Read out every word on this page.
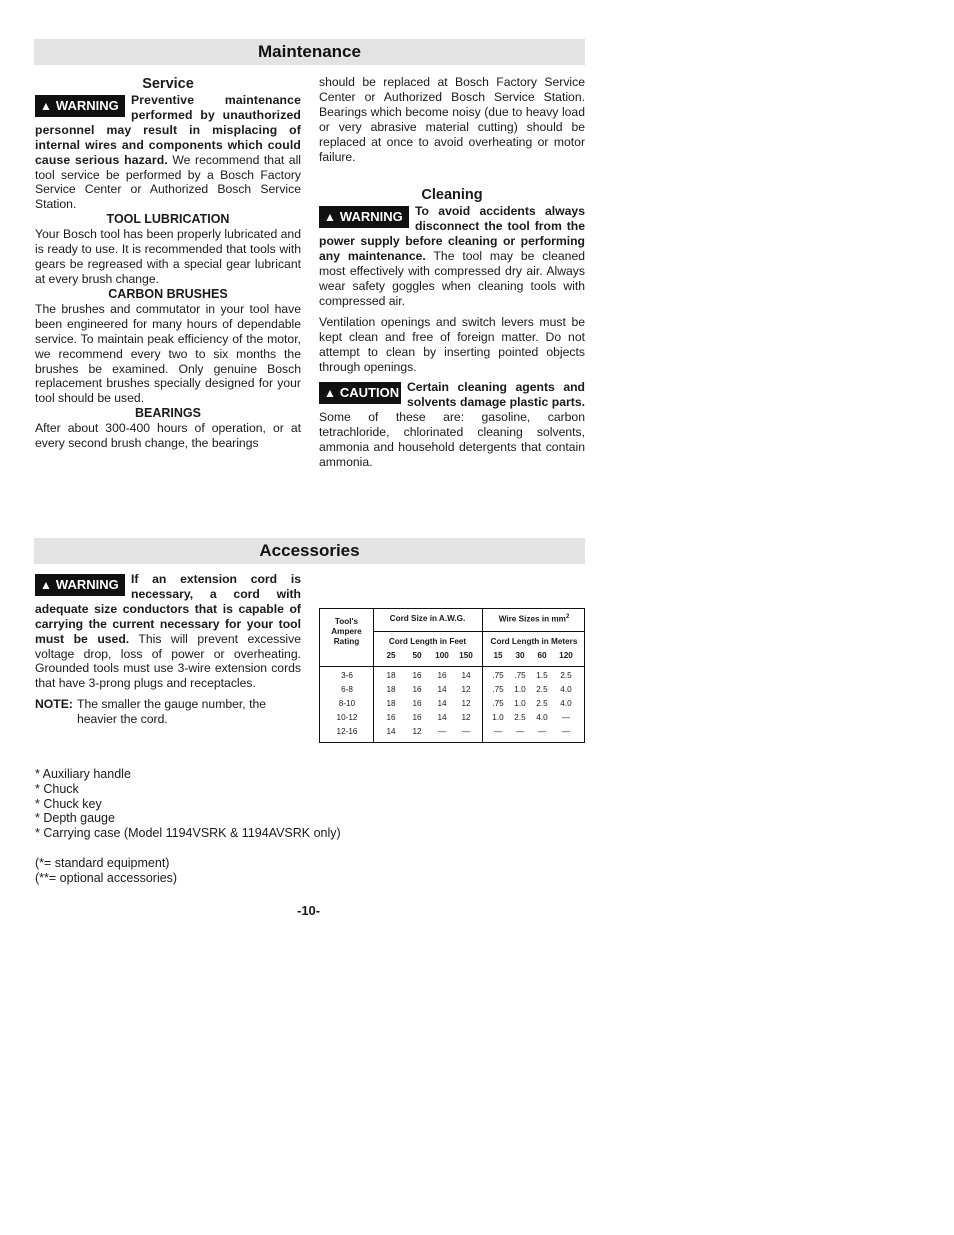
Maintenance

Service

▲ WARNING	Preventive maintenance performed by unauthorized personnel may result in misplacing of internal wires and components which could cause serious hazard. We recommend that all tool service be performed by a Bosch Factory Service Center or Authorized Bosch Service Station.

TOOL LUBRICATION

Your Bosch tool has been properly lubricated and is ready to use. It is recommended that tools with gears be regreased with a special gear lubricant at every brush change.

CARBON BRUSHES

The brushes and commutator in your tool have been engineered for many hours of dependable service. To maintain peak efficiency of the motor, we recommend every two to six months the brushes be examined. Only genuine Bosch replacement brushes specially designed for your tool should be used.

BEARINGS

After about 300-400 hours of operation, or at every second brush change, the bearings

should be replaced at Bosch Factory Service Center or Authorized Bosch Service Station. Bearings which become noisy (due to heavy load or very abrasive material cutting) should be replaced at once to avoid overheating or motor failure.

Cleaning

▲ WARNING	To avoid accidents always disconnect the tool from the power supply before cleaning or performing any maintenance. The tool may be cleaned most effectively with compressed dry air. Always wear safety goggles when cleaning tools with compressed air.

Ventilation openings and switch levers must be kept clean and free of foreign matter. Do not attempt to clean by inserting pointed objects through openings.

▲ CAUTION Certain cleaning agents and solvents damage plastic parts. Some of these are: gasoline, carbon tetrachloride, chlorinated cleaning solvents, ammonia and household detergents that contain ammonia.

Accessories

▲ WARNING	If an extension cord is necessary, a cord with adequate size conductors that is capable of carrying the current necessary for your tool must be used. This will prevent excessive voltage drop, loss of power or overheating. Grounded tools must use 3-wire extension cords that have 3-prong plugs and receptacles.

NOTE: The smaller the gauge number, the heavier the cord.
Tool's
Ampere
Rating
Cord Size in A.W.G.	Wire Sizes in $mm^2$
Cord Length in Feet	Cord Length in Meters
25	50	100	150	15	30	60	120
3-6	18	16	16	14	.75	.75	1.5	2.5
6-8	18	16	14	12	.75	1.0	2.5	4.0
8-10	18	16	14	12	.75	1.0	2.5	4.0
10-12	16	16	14	12	1.0	2.5	4.0	—
12-16	14	12	—	—	—	—	—	—
* Auxiliary handle
* Chuck
* Chuck key
* Depth gauge
* Carrying case (Model 1194VSRK & 1194AVSRK only)
(*= standard equipment)
(**= optional accessories)
-10-
